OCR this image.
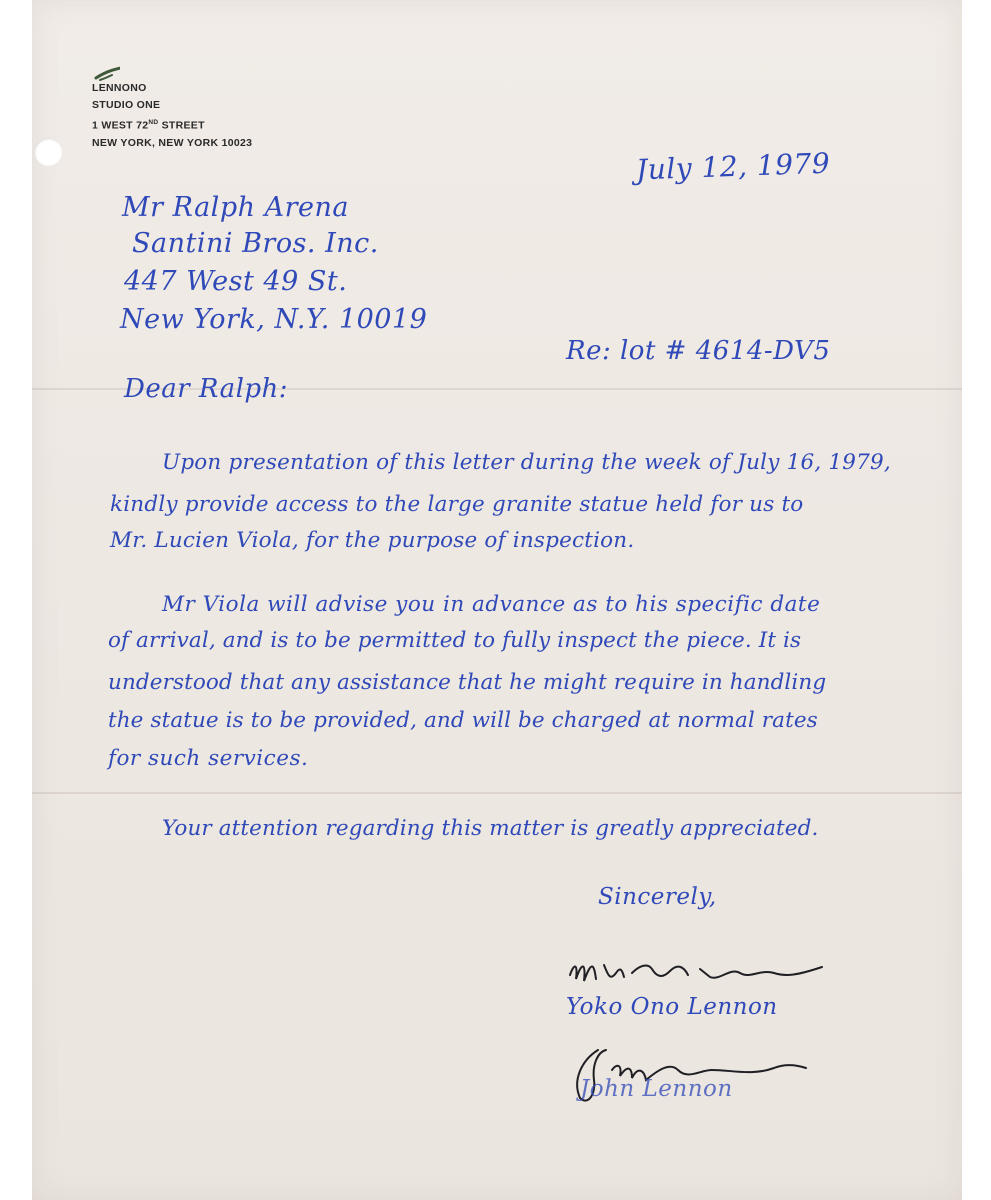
LENNONO
STUDIO ONE
1 WEST 72ND STREET
NEW YORK, NEW YORK 10023
July 12, 1979
Mr Ralph Arena
Santini Bros. Inc.
447 West 49 St.
New York, N.Y. 10019
Re: lot # 4614-DV5
Dear Ralph:
Upon presentation of this letter during the week of July 16, 1979,
kindly provide access to the large granite statue held for us to
Mr. Lucien Viola, for the purpose of inspection.
Mr Viola will advise you in advance as to his specific date
of arrival, and is to be permitted to fully inspect the piece. It is
understood that any assistance that he might require in handling
the statue is to be provided, and will be charged at normal rates
for such services.
Your attention regarding this matter is greatly appreciated.
Sincerely,
Yoko Ono Lennon
John Lennon
